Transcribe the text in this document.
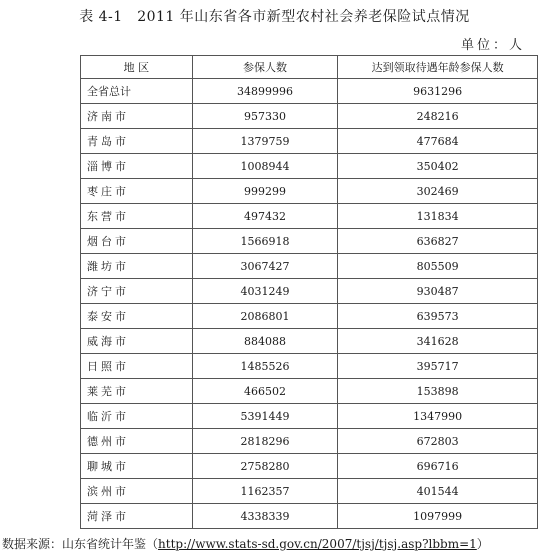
表 4-1　2011 年山东省各市新型农村社会养老保险试点情况
单位：人
地 区	参保人数	达到领取待遇年龄参保人数
全省总计	34899996	9631296
济南市	957330	248216
青岛市	1379759	477684
淄博市	1008944	350402
枣庄市	999299	302469
东营市	497432	131834
烟台市	1566918	636827
潍坊市	3067427	805509
济宁市	4031249	930487
泰安市	2086801	639573
威海市	884088	341628
日照市	1485526	395717
莱芜市	466502	153898
临沂市	5391449	1347990
德州市	2818296	672803
聊城市	2758280	696716
滨州市	1162357	401544
菏泽市	4338339	1097999
数据来源：山东省统计年鉴（http://www.stats-sd.gov.cn/2007/tjsj/tjsj.asp?lbbm=1）
